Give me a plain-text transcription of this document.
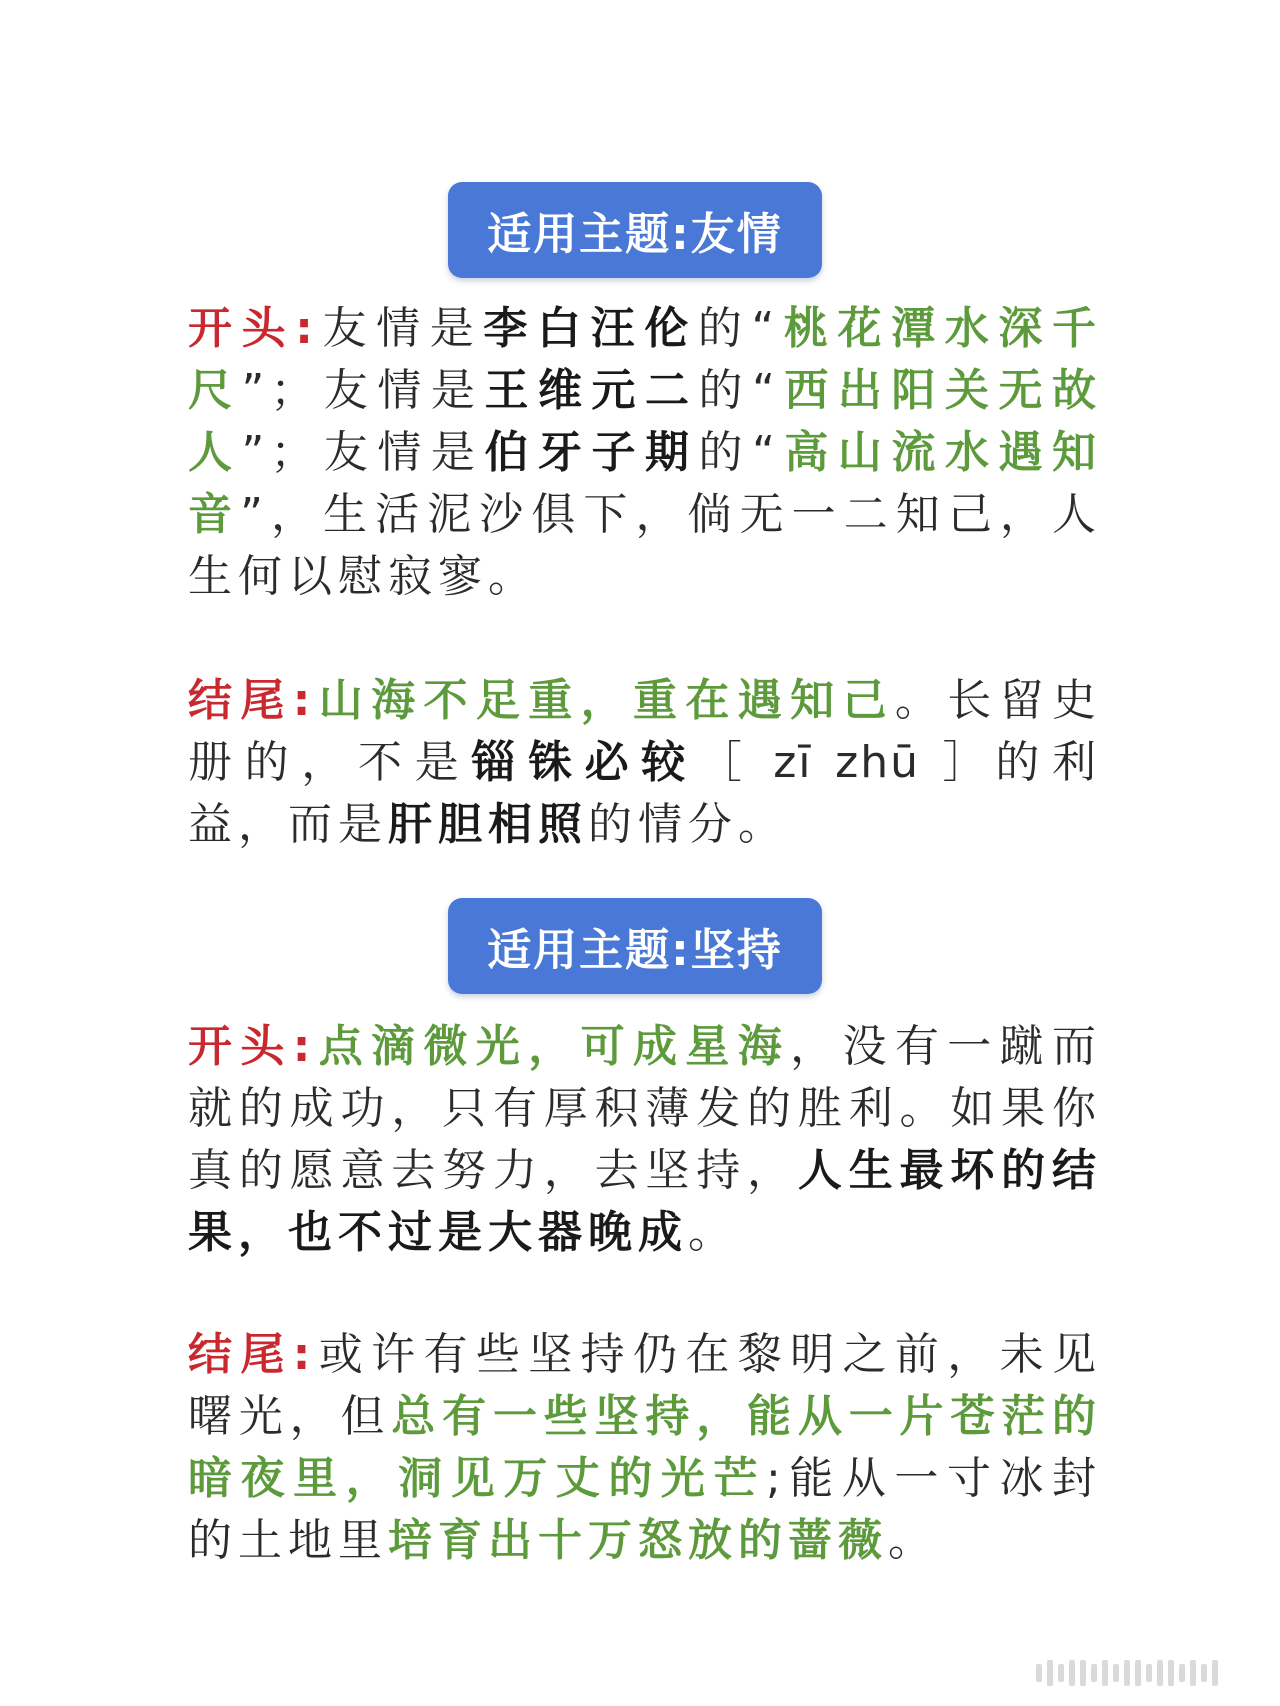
适用主题:友情
开头:友情是李白汪伦的“桃花潭水深千尺”；友情是王维元二的“西出阳关无故人”；友情是伯牙子期的“高山流水遇知音”，生活泥沙俱下，倘无一二知己，人生何以慰寂寥。
结尾:山海不足重，重在遇知己。长留史册的，不是锱铢必较［ zī zhū ］的利益，而是肝胆相照的情分。
适用主题:坚持
开头:点滴微光，可成星海，没有一蹴而就的成功，只有厚积薄发的胜利。如果你真的愿意去努力，去坚持，人生最坏的结果，也不过是大器晚成。
结尾:或许有些坚持仍在黎明之前，未见曙光，但总有一些坚持，能从一片苍茫的暗夜里，洞见万丈的光芒;能从一寸冰封的土地里培育出十万怒放的蔷薇。
